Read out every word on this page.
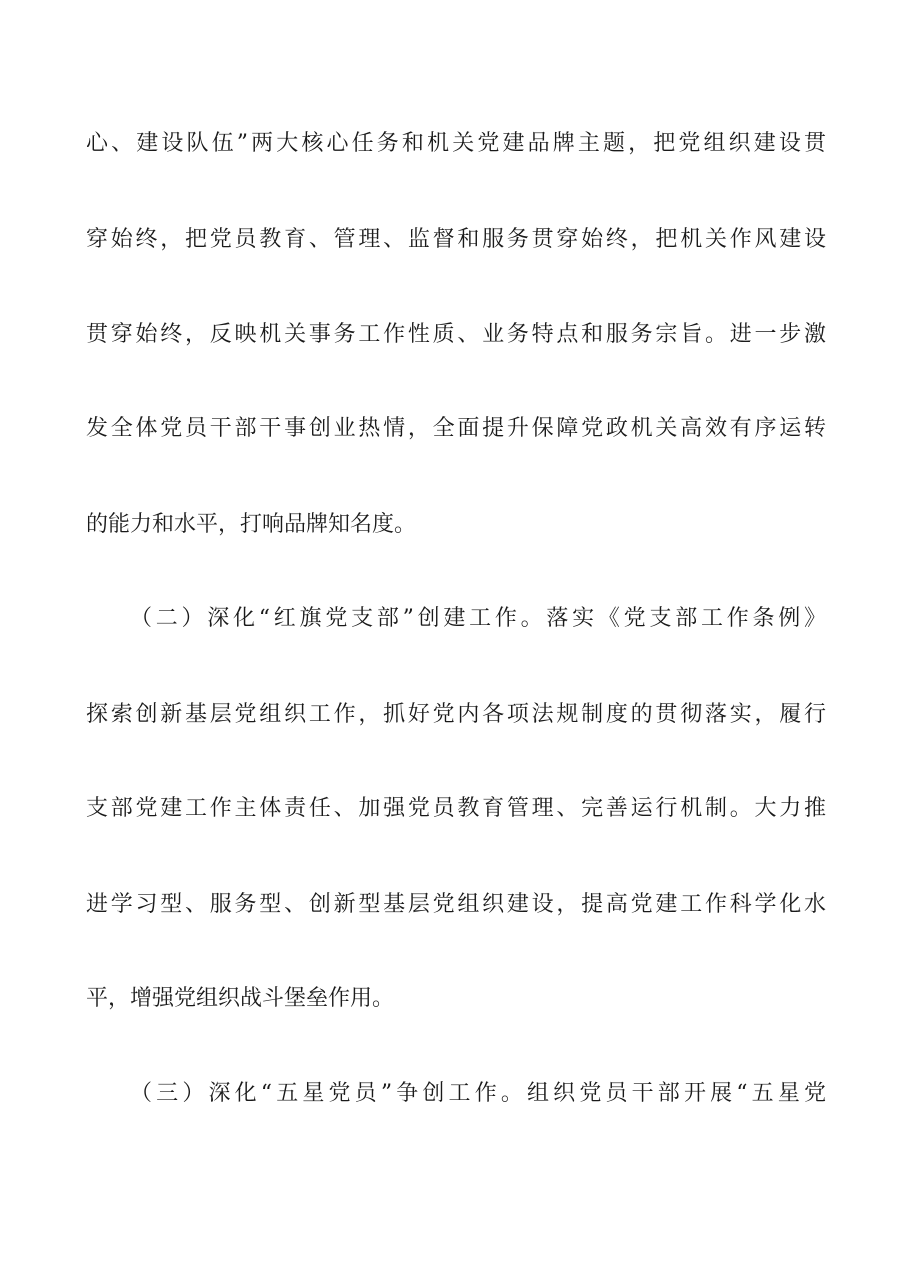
心、建设队伍”两大核心任务和机关党建品牌主题，把党组织建设贯
穿始终，把党员教育、管理、监督和服务贯穿始终，把机关作风建设
贯穿始终，反映机关事务工作性质、业务特点和服务宗旨。进一步激
发全体党员干部干事创业热情，全面提升保障党政机关高效有序运转
的能力和水平，打响品牌知名度。
（二）深化“红旗党支部”创建工作。落实《党支部工作条例》
探索创新基层党组织工作，抓好党内各项法规制度的贯彻落实，履行
支部党建工作主体责任、加强党员教育管理、完善运行机制。大力推
进学习型、服务型、创新型基层党组织建设，提高党建工作科学化水
平，增强党组织战斗堡垒作用。
（三）深化“五星党员”争创工作。组织党员干部开展“五星党
